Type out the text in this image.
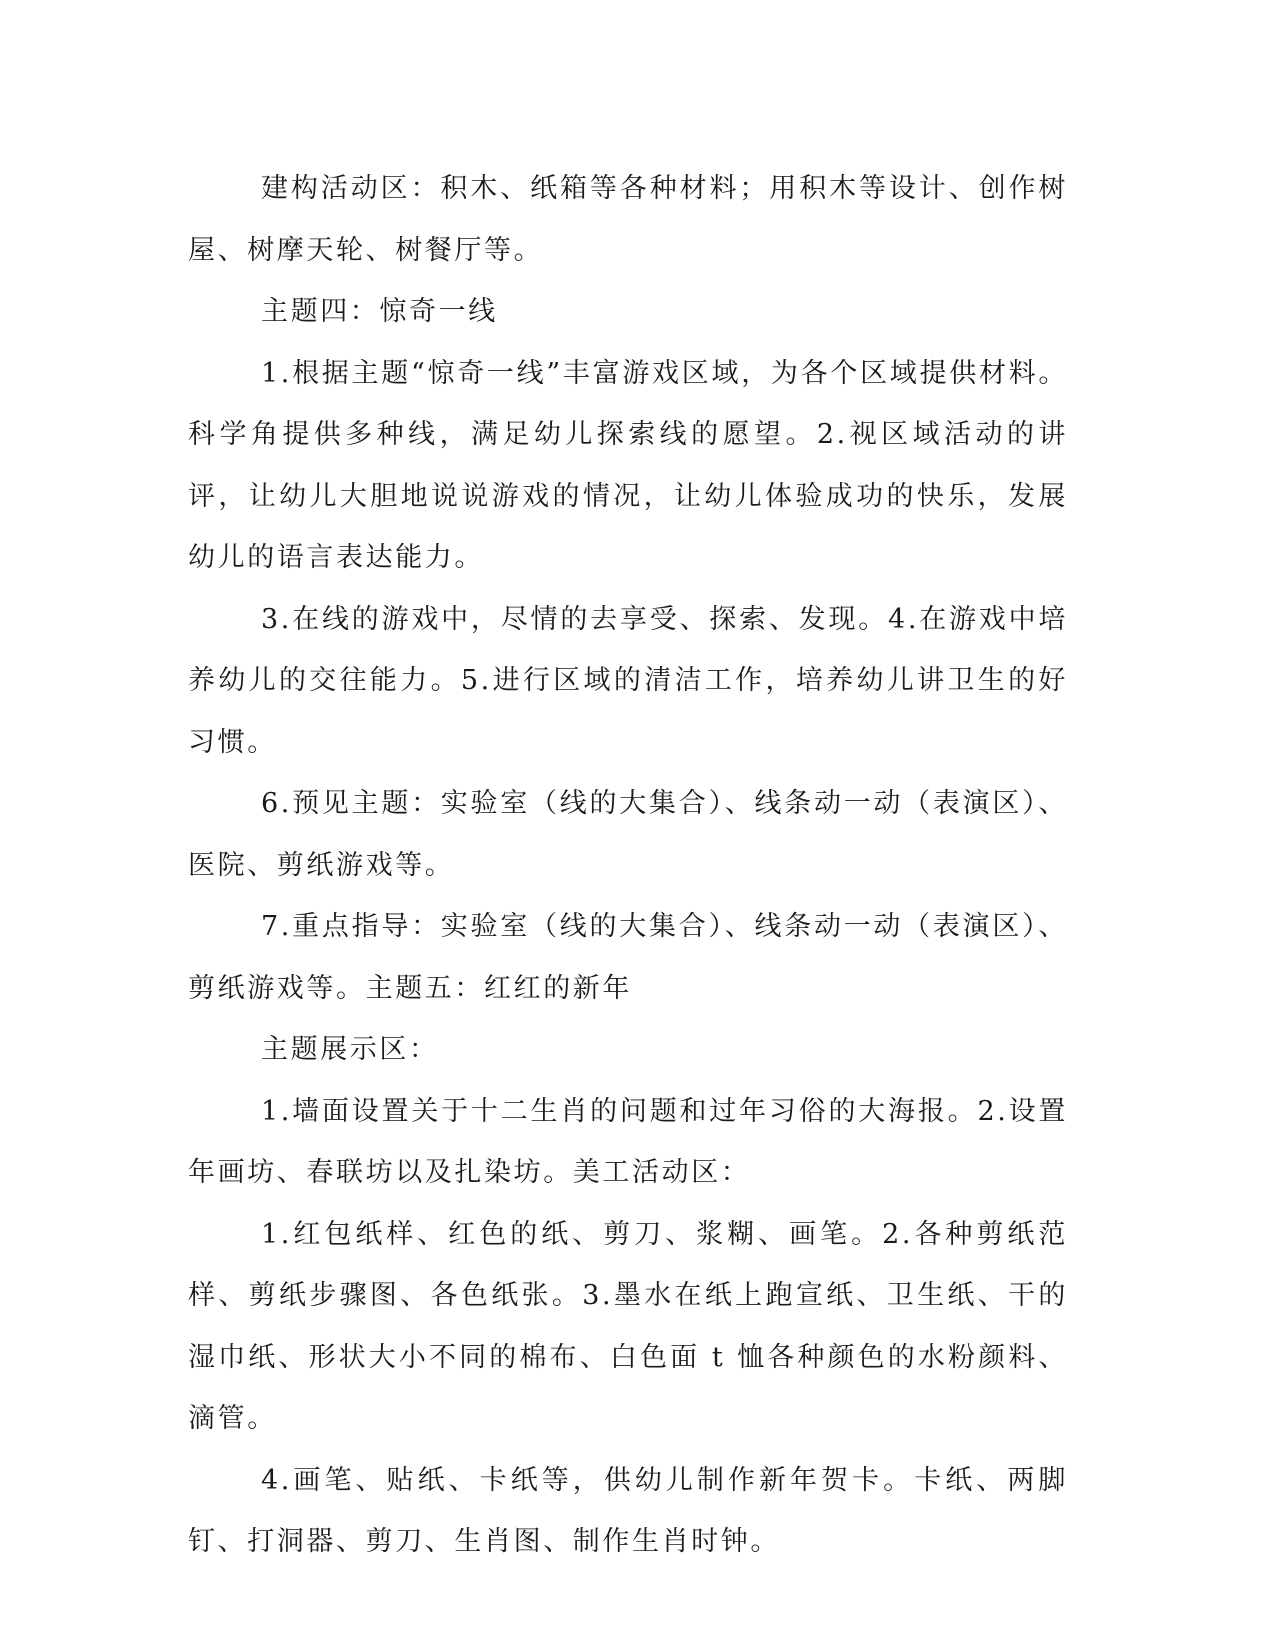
建构活动区：积木、纸箱等各种材料；用积木等设计、创作树屋、树摩天轮、树餐厅等。

主题四：惊奇一线

1.根据主题“惊奇一线”丰富游戏区域，为各个区域提供材料。科学角提供多种线，满足幼儿探索线的愿望。2.视区域活动的讲评，让幼儿大胆地说说游戏的情况，让幼儿体验成功的快乐，发展幼儿的语言表达能力。

3.在线的游戏中，尽情的去享受、探索、发现。4.在游戏中培养幼儿的交往能力。5.进行区域的清洁工作，培养幼儿讲卫生的好习惯。

6.预见主题：实验室（线的大集合）、线条动一动（表演区）、医院、剪纸游戏等。

7.重点指导：实验室（线的大集合）、线条动一动（表演区）、剪纸游戏等。主题五：红红的新年

主题展示区：

1.墙面设置关于十二生肖的问题和过年习俗的大海报。2.设置年画坊、春联坊以及扎染坊。美工活动区：

1.红包纸样、红色的纸、剪刀、浆糊、画笔。2.各种剪纸范样、剪纸步骤图、各色纸张。3.墨水在纸上跑宣纸、卫生纸、干的湿巾纸、形状大小不同的棉布、白色面 t 恤各种颜色的水粉颜料、滴管。

4.画笔、贴纸、卡纸等，供幼儿制作新年贺卡。卡纸、两脚钉、打洞器、剪刀、生肖图、制作生肖时钟。
